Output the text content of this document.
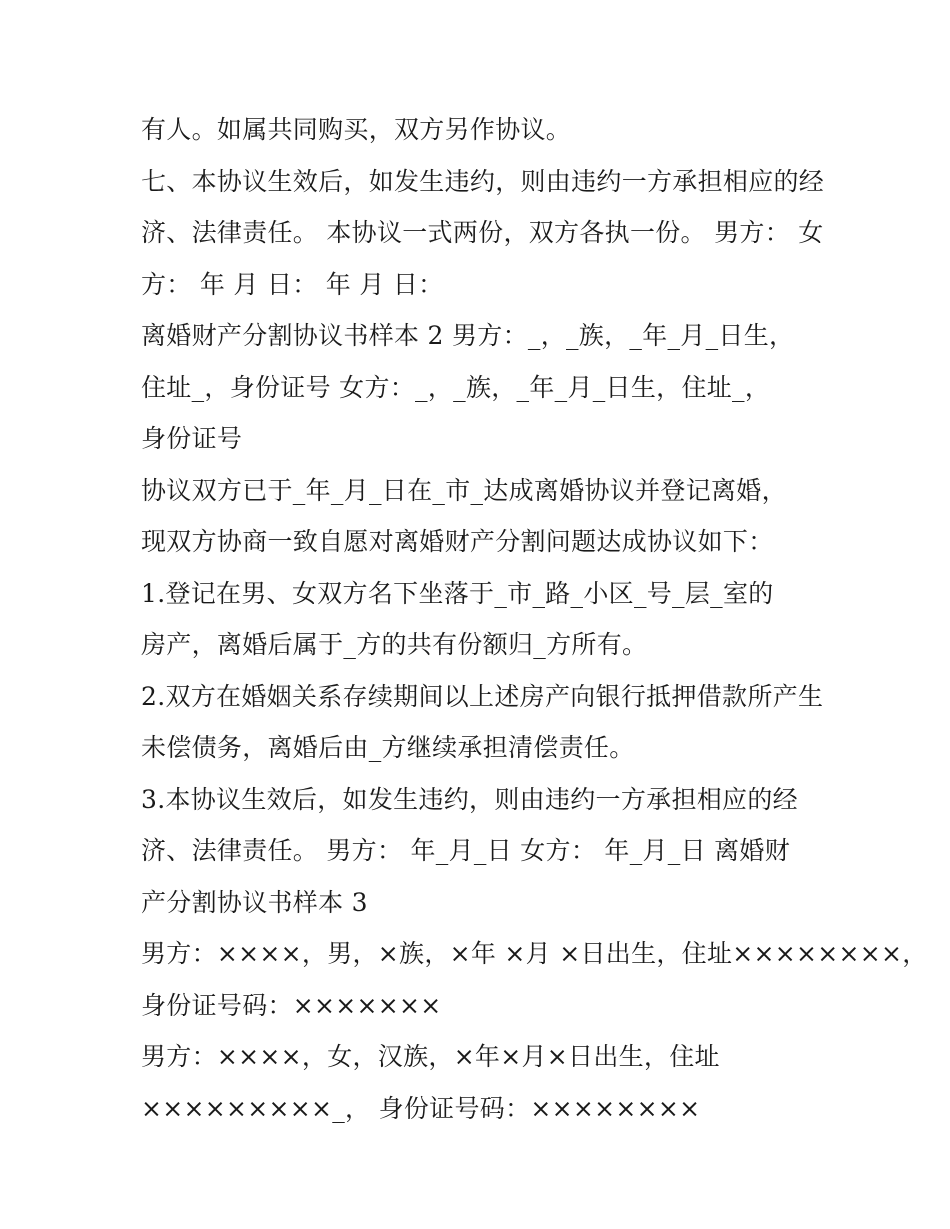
有人。如属共同购买，双方另作协议。
七、本协议生效后，如发生违约，则由违约一方承担相应的经
济、法律责任。 本协议一式两份，双方各执一份。 男方： 女
方： 年 月 日： 年 月 日：
离婚财产分割协议书样本 2 男方：_，_族，_年_月_日生，
住址_，身份证号 女方：_，_族，_年_月_日生，住址_，
身份证号
协议双方已于_年_月_日在_市_达成离婚协议并登记离婚，
现双方协商一致自愿对离婚财产分割问题达成协议如下：
1.登记在男、女双方名下坐落于_市_路_小区_号_层_室的
房产，离婚后属于_方的共有份额归_方所有。
2.双方在婚姻关系存续期间以上述房产向银行抵押借款所产生
未偿债务，离婚后由_方继续承担清偿责任。
3.本协议生效后，如发生违约，则由违约一方承担相应的经
济、法律责任。 男方： 年_月_日 女方： 年_月_日 离婚财
产分割协议书样本 3
男方：××××，男，×族，×年 ×月 ×日出生，住址××××××××，
身份证号码：×××××××
男方：××××，女，汉族，×年×月×日出生，住址
×××××××××_， 身份证号码：××××××××
